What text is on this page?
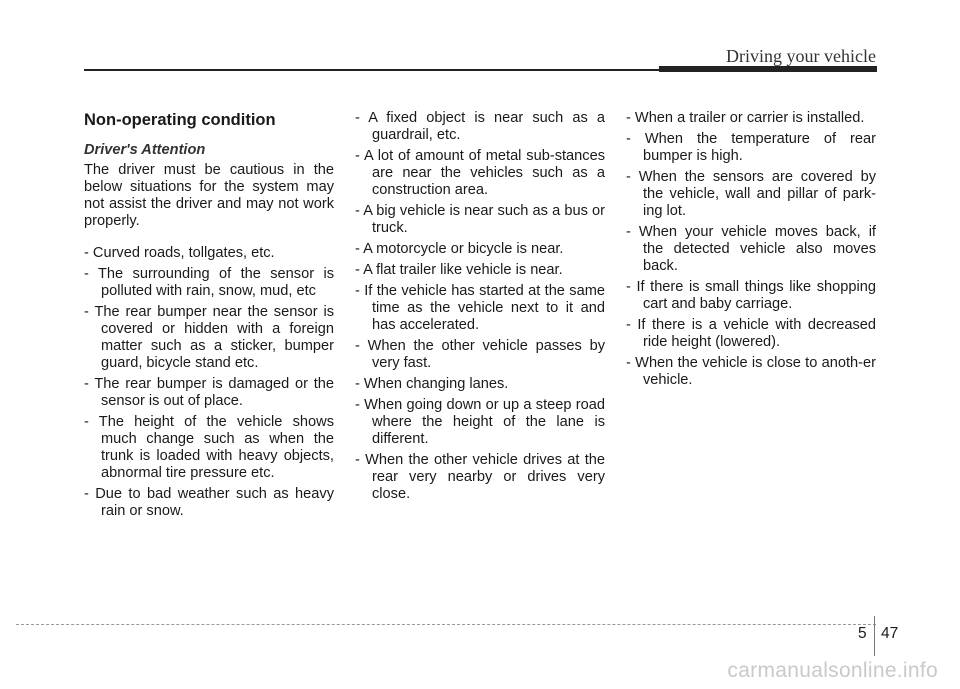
Driving your vehicle
Non-operating condition
Driver's Attention

The driver must be cautious in the below situations for the system may not assist the driver and may not work properly.

- Curved roads, tollgates, etc.
- The surrounding of the sensor is polluted with rain, snow, mud, etc
- The rear bumper near the sensor is covered or hidden with a foreign matter such as a sticker, bumper guard, bicycle stand etc.
- The rear bumper is damaged or the sensor is out of place.
- The height of the vehicle shows much change such as when the trunk is loaded with heavy objects, abnormal tire pressure etc.
- Due to bad weather such as heavy rain or snow.
- A fixed object is near such as a guardrail, etc.
- A lot of amount of metal sub-stances are near the vehicles such as a construction area.
- A big vehicle is near such as a bus or truck.
- A motorcycle or bicycle is near.
- A flat trailer like vehicle is near.
- If the vehicle has started at the same time as the vehicle next to it and has accelerated.
- When the other vehicle passes by very fast.
- When changing lanes.
- When going down or up a steep road where the height of the lane is different.
- When the other vehicle drives at the rear very nearby or drives very close.
- When a trailer or carrier is installed.
- When the temperature of rear bumper is high.
- When the sensors are covered by the vehicle, wall and pillar of park-ing lot.
- When your vehicle moves back, if the detected vehicle also moves back.
- If there is small things like shopping cart and baby carriage.
- If there is a vehicle with decreased ride height (lowered).
- When the vehicle is close to anoth-er vehicle.
5 47
carmanualsonline.info
